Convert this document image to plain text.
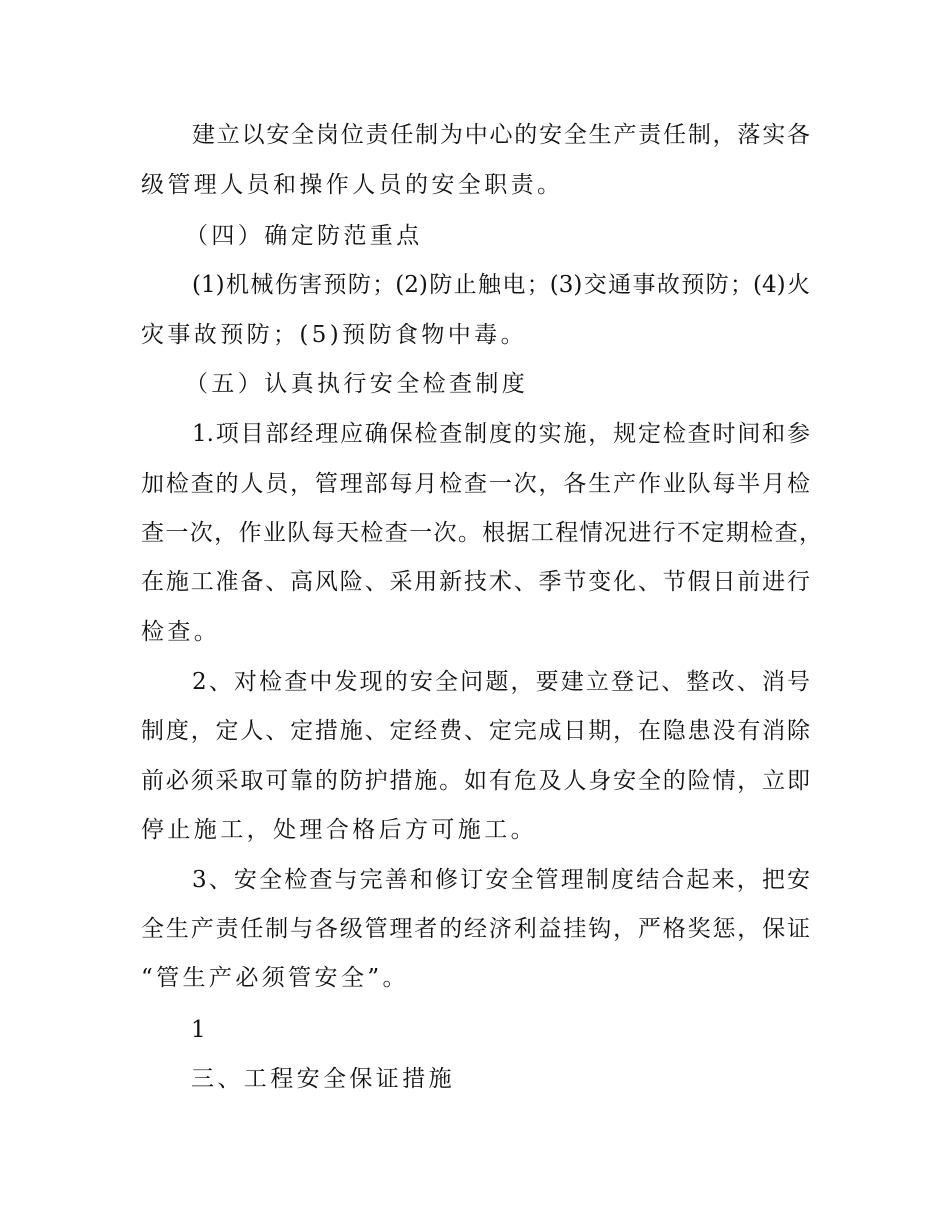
建立以安全岗位责任制为中心的安全生产责任制，落实各

级管理人员和操作人员的安全职责。

（四）确定防范重点

(1)机械伤害预防；(2)防止触电；(3)交通事故预防；(4)火

灾事故预防；(5)预防食物中毒。

（五）认真执行安全检查制度

1.项目部经理应确保检查制度的实施，规定检查时间和参

加检查的人员，管理部每月检查一次，各生产作业队每半月检

查一次，作业队每天检查一次。根据工程情况进行不定期检查，

在施工准备、高风险、采用新技术、季节变化、节假日前进行

检查。

2、对检查中发现的安全问题，要建立登记、整改、消号

制度，定人、定措施、定经费、定完成日期，在隐患没有消除

前必须采取可靠的防护措施。如有危及人身安全的险情，立即

停止施工，处理合格后方可施工。

3、安全检查与完善和修订安全管理制度结合起来，把安

全生产责任制与各级管理者的经济利益挂钩，严格奖惩，保证

“管生产必须管安全”。

1

三、工程安全保证措施
